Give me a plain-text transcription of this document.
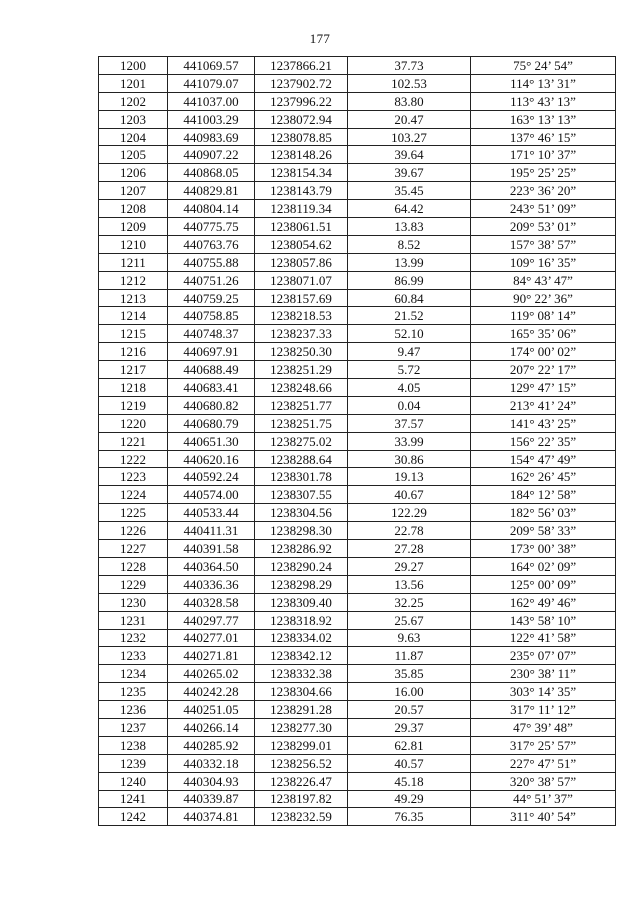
177
1200	441069.57	1237866.21	37.73	75° 24’ 54”
1201	441079.07	1237902.72	102.53	114° 13’ 31”
1202	441037.00	1237996.22	83.80	113° 43’ 13”
1203	441003.29	1238072.94	20.47	163° 13’ 13”
1204	440983.69	1238078.85	103.27	137° 46’ 15”
1205	440907.22	1238148.26	39.64	171° 10’ 37”
1206	440868.05	1238154.34	39.67	195° 25’ 25”
1207	440829.81	1238143.79	35.45	223° 36’ 20”
1208	440804.14	1238119.34	64.42	243° 51’ 09”
1209	440775.75	1238061.51	13.83	209° 53’ 01”
1210	440763.76	1238054.62	8.52	157° 38’ 57”
1211	440755.88	1238057.86	13.99	109° 16’ 35”
1212	440751.26	1238071.07	86.99	84° 43’ 47”
1213	440759.25	1238157.69	60.84	90° 22’ 36”
1214	440758.85	1238218.53	21.52	119° 08’ 14”
1215	440748.37	1238237.33	52.10	165° 35’ 06”
1216	440697.91	1238250.30	9.47	174° 00’ 02”
1217	440688.49	1238251.29	5.72	207° 22’ 17”
1218	440683.41	1238248.66	4.05	129° 47’ 15”
1219	440680.82	1238251.77	0.04	213° 41’ 24”
1220	440680.79	1238251.75	37.57	141° 43’ 25”
1221	440651.30	1238275.02	33.99	156° 22’ 35”
1222	440620.16	1238288.64	30.86	154° 47’ 49”
1223	440592.24	1238301.78	19.13	162° 26’ 45”
1224	440574.00	1238307.55	40.67	184° 12’ 58”
1225	440533.44	1238304.56	122.29	182° 56’ 03”
1226	440411.31	1238298.30	22.78	209° 58’ 33”
1227	440391.58	1238286.92	27.28	173° 00’ 38”
1228	440364.50	1238290.24	29.27	164° 02’ 09”
1229	440336.36	1238298.29	13.56	125° 00’ 09”
1230	440328.58	1238309.40	32.25	162° 49’ 46”
1231	440297.77	1238318.92	25.67	143° 58’ 10”
1232	440277.01	1238334.02	9.63	122° 41’ 58”
1233	440271.81	1238342.12	11.87	235° 07’ 07”
1234	440265.02	1238332.38	35.85	230° 38’ 11”
1235	440242.28	1238304.66	16.00	303° 14’ 35”
1236	440251.05	1238291.28	20.57	317° 11’ 12”
1237	440266.14	1238277.30	29.37	47° 39’ 48”
1238	440285.92	1238299.01	62.81	317° 25’ 57”
1239	440332.18	1238256.52	40.57	227° 47’ 51”
1240	440304.93	1238226.47	45.18	320° 38’ 57”
1241	440339.87	1238197.82	49.29	44° 51’ 37”
1242	440374.81	1238232.59	76.35	311° 40’ 54”
